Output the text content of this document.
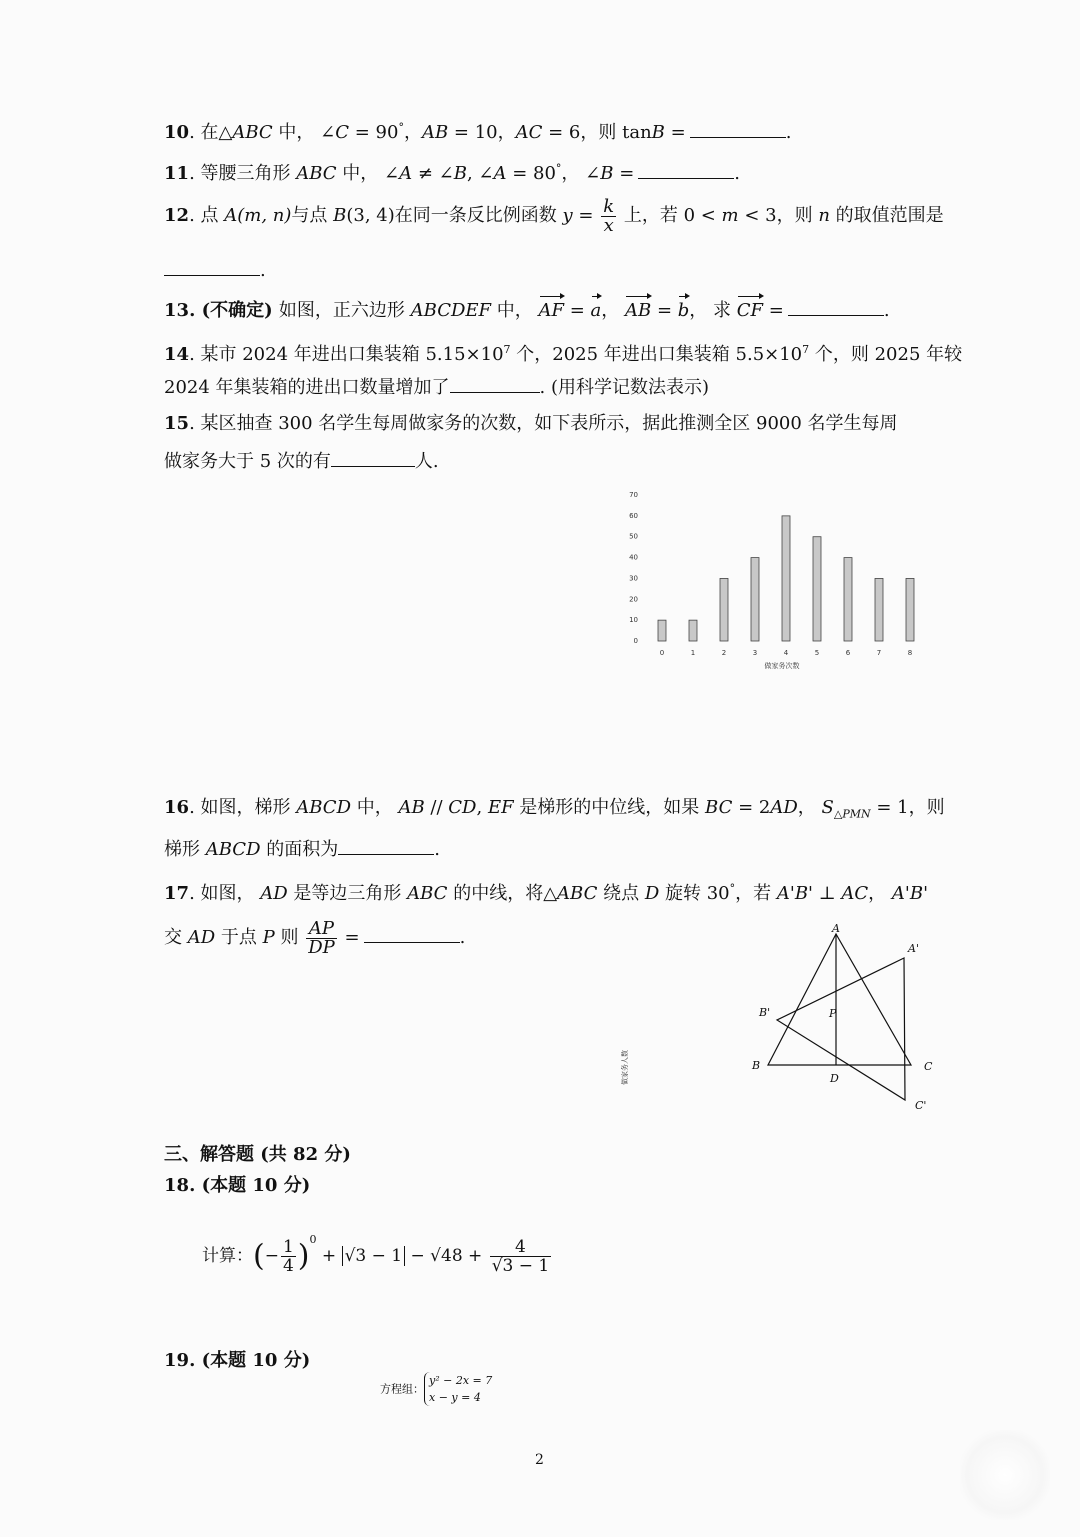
10. 在△ABC 中， ∠C = 90°，AB = 10，AC = 6，则 tanB =	.
11. 等腰三角形 ABC 中， ∠A ≠ ∠B, ∠A = 80°， ∠B =	.
12. 点 A(m, n)与点 B(3, 4)在同一条反比例函数 $y = \frac{k}{x}$ 上，若 0 < m < 3，则 n 的取值范围是
.
13. (不确定) 如图，正六边形 ABCDEF 中， AF = a， AB = b， 求 CF =	.
14. 某市 2024 年进出口集装箱 $5.15\times 10^7$ 个，2025 年进出口集装箱 $5.5\times 10^7$ 个，则 2025 年较
2024 年集装箱的进出口数量增加了	. (用科学记数法表示)
15. 某区抽查 300 名学生每周做家务的次数，如下表所示，据此推测全区 9000 名学生每周
做家务大于 5 次的有	人.
0
10
20
30
40
50
60
70
0	1	2	3	4	5	6	7	8
做家务人数
做家务次数
16. 如图，梯形 ABCD 中， AB // CD, EF 是梯形的中位线，如果 BC = 2AD， $S_{\triangle PMN} = 1$，则
梯形 ABCD 的面积为	.
17. 如图， AD 是等边三角形 ABC 的中线，将△ABC 绕点 D 旋转 30°，若 A'B' ⊥ AC， A'B'
交 AD 于点 P 则 $\frac{AP}{DP}$ =	.	A
A'
B'	P
B
D
C
C'
三、解答题 (共 82 分)
18. (本题 10 分)
计算：(− $\frac{1}{4} )^0 + √3 - 1 - √48 + \frac{4}{√3 - 1}$
19. (本题 10 分)
方程组：
y² − 2x = 7
x − y = 4
2
